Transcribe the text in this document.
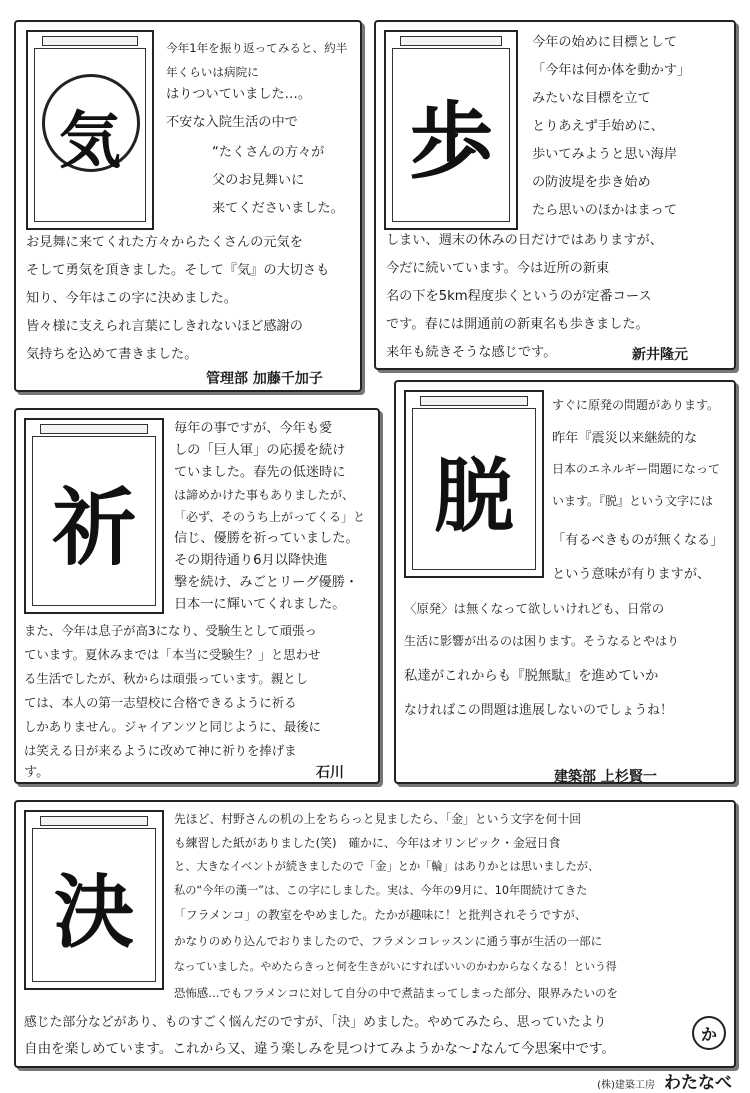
気
今年1年を振り返ってみると、約半年くらいは病院に
はりついていました…。
不安な入院生活の中で
“たくさんの方々が
父のお見舞いに
来てくださいました。
お見舞に来てくれた方々からたくさんの元気を
そして勇気を頂きました。そして『気』の大切さも
知り、今年はこの字に決めました。
皆々様に支えられ言葉にしきれないほど感謝の
気持ちを込めて書きました。
管理部 加藤千加子
歩
今年の始めに目標として
「今年は何か体を動かす」
みたいな目標を立て
とりあえず手始めに、
歩いてみようと思い海岸
の防波堤を歩き始め
たら思いのほかはまって
しまい、週末の休みの日だけではありますが、
今だに続いています。今は近所の新東
名の下を5km程度歩くというのが定番コース
です。春には開通前の新東名も歩きました。
来年も続きそうな感じです。	新井隆元
祈
毎年の事ですが、今年も愛
しの「巨人軍」の応援を続け
ていました。春先の低迷時に
は諦めかけた事もありましたが、
「必ず、そのうち上がってくる」と
信じ、優勝を祈っていました。
その期待通り6月以降快進
撃を続け、みごとリーグ優勝・
日本一に輝いてくれました。
また、今年は息子が高3になり、受験生として頑張っ
ています。夏休みまでは「本当に受験生？」と思わせ
る生活でしたが、秋からは頑張っています。親とし
ては、本人の第一志望校に合格できるように祈る
しかありません。ジャイアンツと同じように、最後に
は笑える日が来るように改めて神に祈りを捧げま
す。	石川
脱
すぐに原発の問題があります。
昨年『震災以来継続的な
日本のエネルギー問題になって
います。『脱』という文字には
「有るべきものが無くなる」
という意味が有りますが、
〈原発〉は無くなって欲しいけれども、日常の
生活に影響が出るのは困ります。そうなるとやはり
私達がこれからも『脱無駄』を進めていか
なければこの問題は進展しないのでしょうね！
建築部 上杉賢一
決
先ほど、村野さんの机の上をちらっと見ましたら、「金」という文字を何十回
も練習した紙がありました(笑)　確かに、今年はオリンピック・金冠日食
と、大きなイベントが続きましたので「金」とか「輪」はありかとは思いましたが、
私の“今年の漢一”は、この字にしました。実は、今年の9月に、10年間続けてきた
「フラメンコ」の教室をやめました。たかが趣味に！と批判されそうですが、
かなりのめり込んでおりましたので、フラメンコレッスンに通う事が生活の一部に
なっていました。やめたらきっと何を生きがいにすればいいのかわからなくなる！という得
恐怖感…でもフラメンコに対して自分の中で煮詰まってしまった部分、限界みたいのを
感じた部分などがあり、ものすごく悩んだのですが、「決」めました。やめてみたら、思っていたより
自由を楽しめています。これから又、違う楽しみを見つけてみようかな～♪なんて今思案中です。
か
(株)建築工房 わたなべ
